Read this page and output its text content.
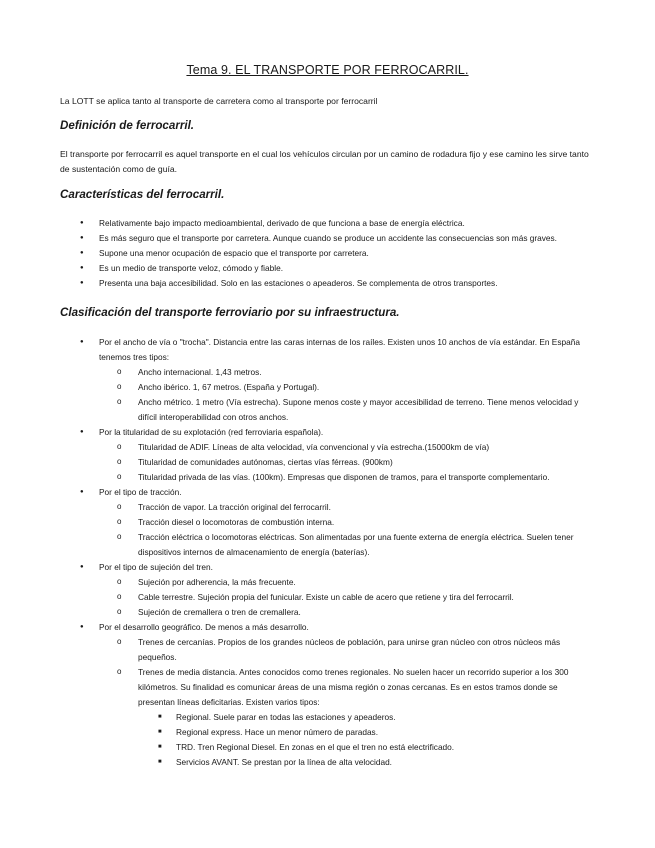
Tema 9. EL TRANSPORTE POR FERROCARRIL.

La LOTT se aplica tanto al transporte de carretera como al transporte por ferrocarril

Definición de ferrocarril.

El transporte por ferrocarril es aquel transporte en el cual los vehículos circulan por un camino de rodadura fijo y ese camino les sirve tanto de sustentación como de guía.

Características del ferrocarril.
● Relativamente bajo impacto medioambiental, derivado de que funciona a base de energía eléctrica.
● Es más seguro que el transporte por carretera. Aunque cuando se produce un accidente las consecuencias son más graves.
● Supone una menor ocupación de espacio que el transporte por carretera.
● Es un medio de transporte veloz, cómodo y fiable.
● Presenta una baja accesibilidad. Solo en las estaciones o apeaderos. Se complementa de otros transportes.
Clasificación del transporte ferroviario por su infraestructura.
● Por el ancho de vía o "trocha". Distancia entre las caras internas de los raíles. Existen unos 10 anchos de vía estándar. En España tenemos tres tipos:
o Ancho internacional. 1,43 metros.
o Ancho ibérico. 1, 67 metros. (España y Portugal).
o Ancho métrico. 1 metro (Vía estrecha). Supone menos coste y mayor accesibilidad de terreno. Tiene menos velocidad y difícil interoperabilidad con otros anchos.
● Por la titularidad de su explotación (red ferroviaria española).
o Titularidad de ADIF. Líneas de alta velocidad, vía convencional y vía estrecha.(15000km de vía)
o Titularidad de comunidades autónomas, ciertas vías férreas. (900km)
o Titularidad privada de las vías. (100km). Empresas que disponen de tramos, para el transporte complementario.
● Por el tipo de tracción.
o Tracción de vapor. La tracción original del ferrocarril.
o Tracción diesel o locomotoras de combustión interna.
o Tracción eléctrica o locomotoras eléctricas. Son alimentadas por una fuente externa de energía eléctrica. Suelen tener dispositivos internos de almacenamiento de energía (baterías).
● Por el tipo de sujeción del tren.
o Sujeción por adherencia, la más frecuente.
o Cable terrestre. Sujeción propia del funicular. Existe un cable de acero que retiene y tira del ferrocarril.
o Sujeción de cremallera o tren de cremallera.
● Por el desarrollo geográfico. De menos a más desarrollo.
o Trenes de cercanías. Propios de los grandes núcleos de población, para unirse gran núcleo con otros núcleos más pequeños.
o Trenes de media distancia. Antes conocidos como trenes regionales. No suelen hacer un recorrido superior a los 300 kilómetros. Su finalidad es comunicar áreas de una misma región o zonas cercanas. Es en estos tramos donde se presentan líneas deficitarias. Existen varios tipos:
■ Regional. Suele parar en todas las estaciones y apeaderos.
■ Regional express. Hace un menor número de paradas.
■ TRD. Tren Regional Diesel. En zonas en el que el tren no está electrificado.
■ Servicios AVANT. Se prestan por la línea de alta velocidad.
